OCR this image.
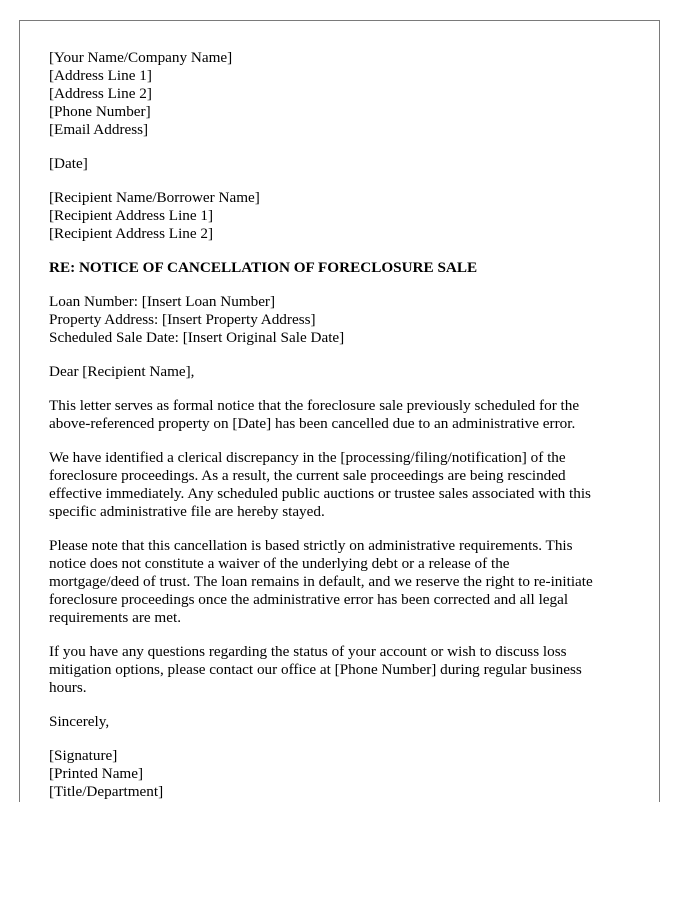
[Your Name/Company Name]
[Address Line 1]
[Address Line 2]
[Phone Number]
[Email Address]
[Date]
[Recipient Name/Borrower Name]
[Recipient Address Line 1]
[Recipient Address Line 2]
RE: NOTICE OF CANCELLATION OF FORECLOSURE SALE
Loan Number: [Insert Loan Number]
Property Address: [Insert Property Address]
Scheduled Sale Date: [Insert Original Sale Date]
Dear [Recipient Name],

This letter serves as formal notice that the foreclosure sale previously scheduled for the
above-referenced property on [Date] has been cancelled due to an administrative error.

We have identified a clerical discrepancy in the [processing/filing/notification] of the
foreclosure proceedings. As a result, the current sale proceedings are being rescinded
effective immediately. Any scheduled public auctions or trustee sales associated with this
specific administrative file are hereby stayed.

Please note that this cancellation is based strictly on administrative requirements. This
notice does not constitute a waiver of the underlying debt or a release of the
mortgage/deed of trust. The loan remains in default, and we reserve the right to re-initiate
foreclosure proceedings once the administrative error has been corrected and all legal
requirements are met.

If you have any questions regarding the status of your account or wish to discuss loss
mitigation options, please contact our office at [Phone Number] during regular business
hours.

Sincerely,
[Signature]
[Printed Name]
[Title/Department]
